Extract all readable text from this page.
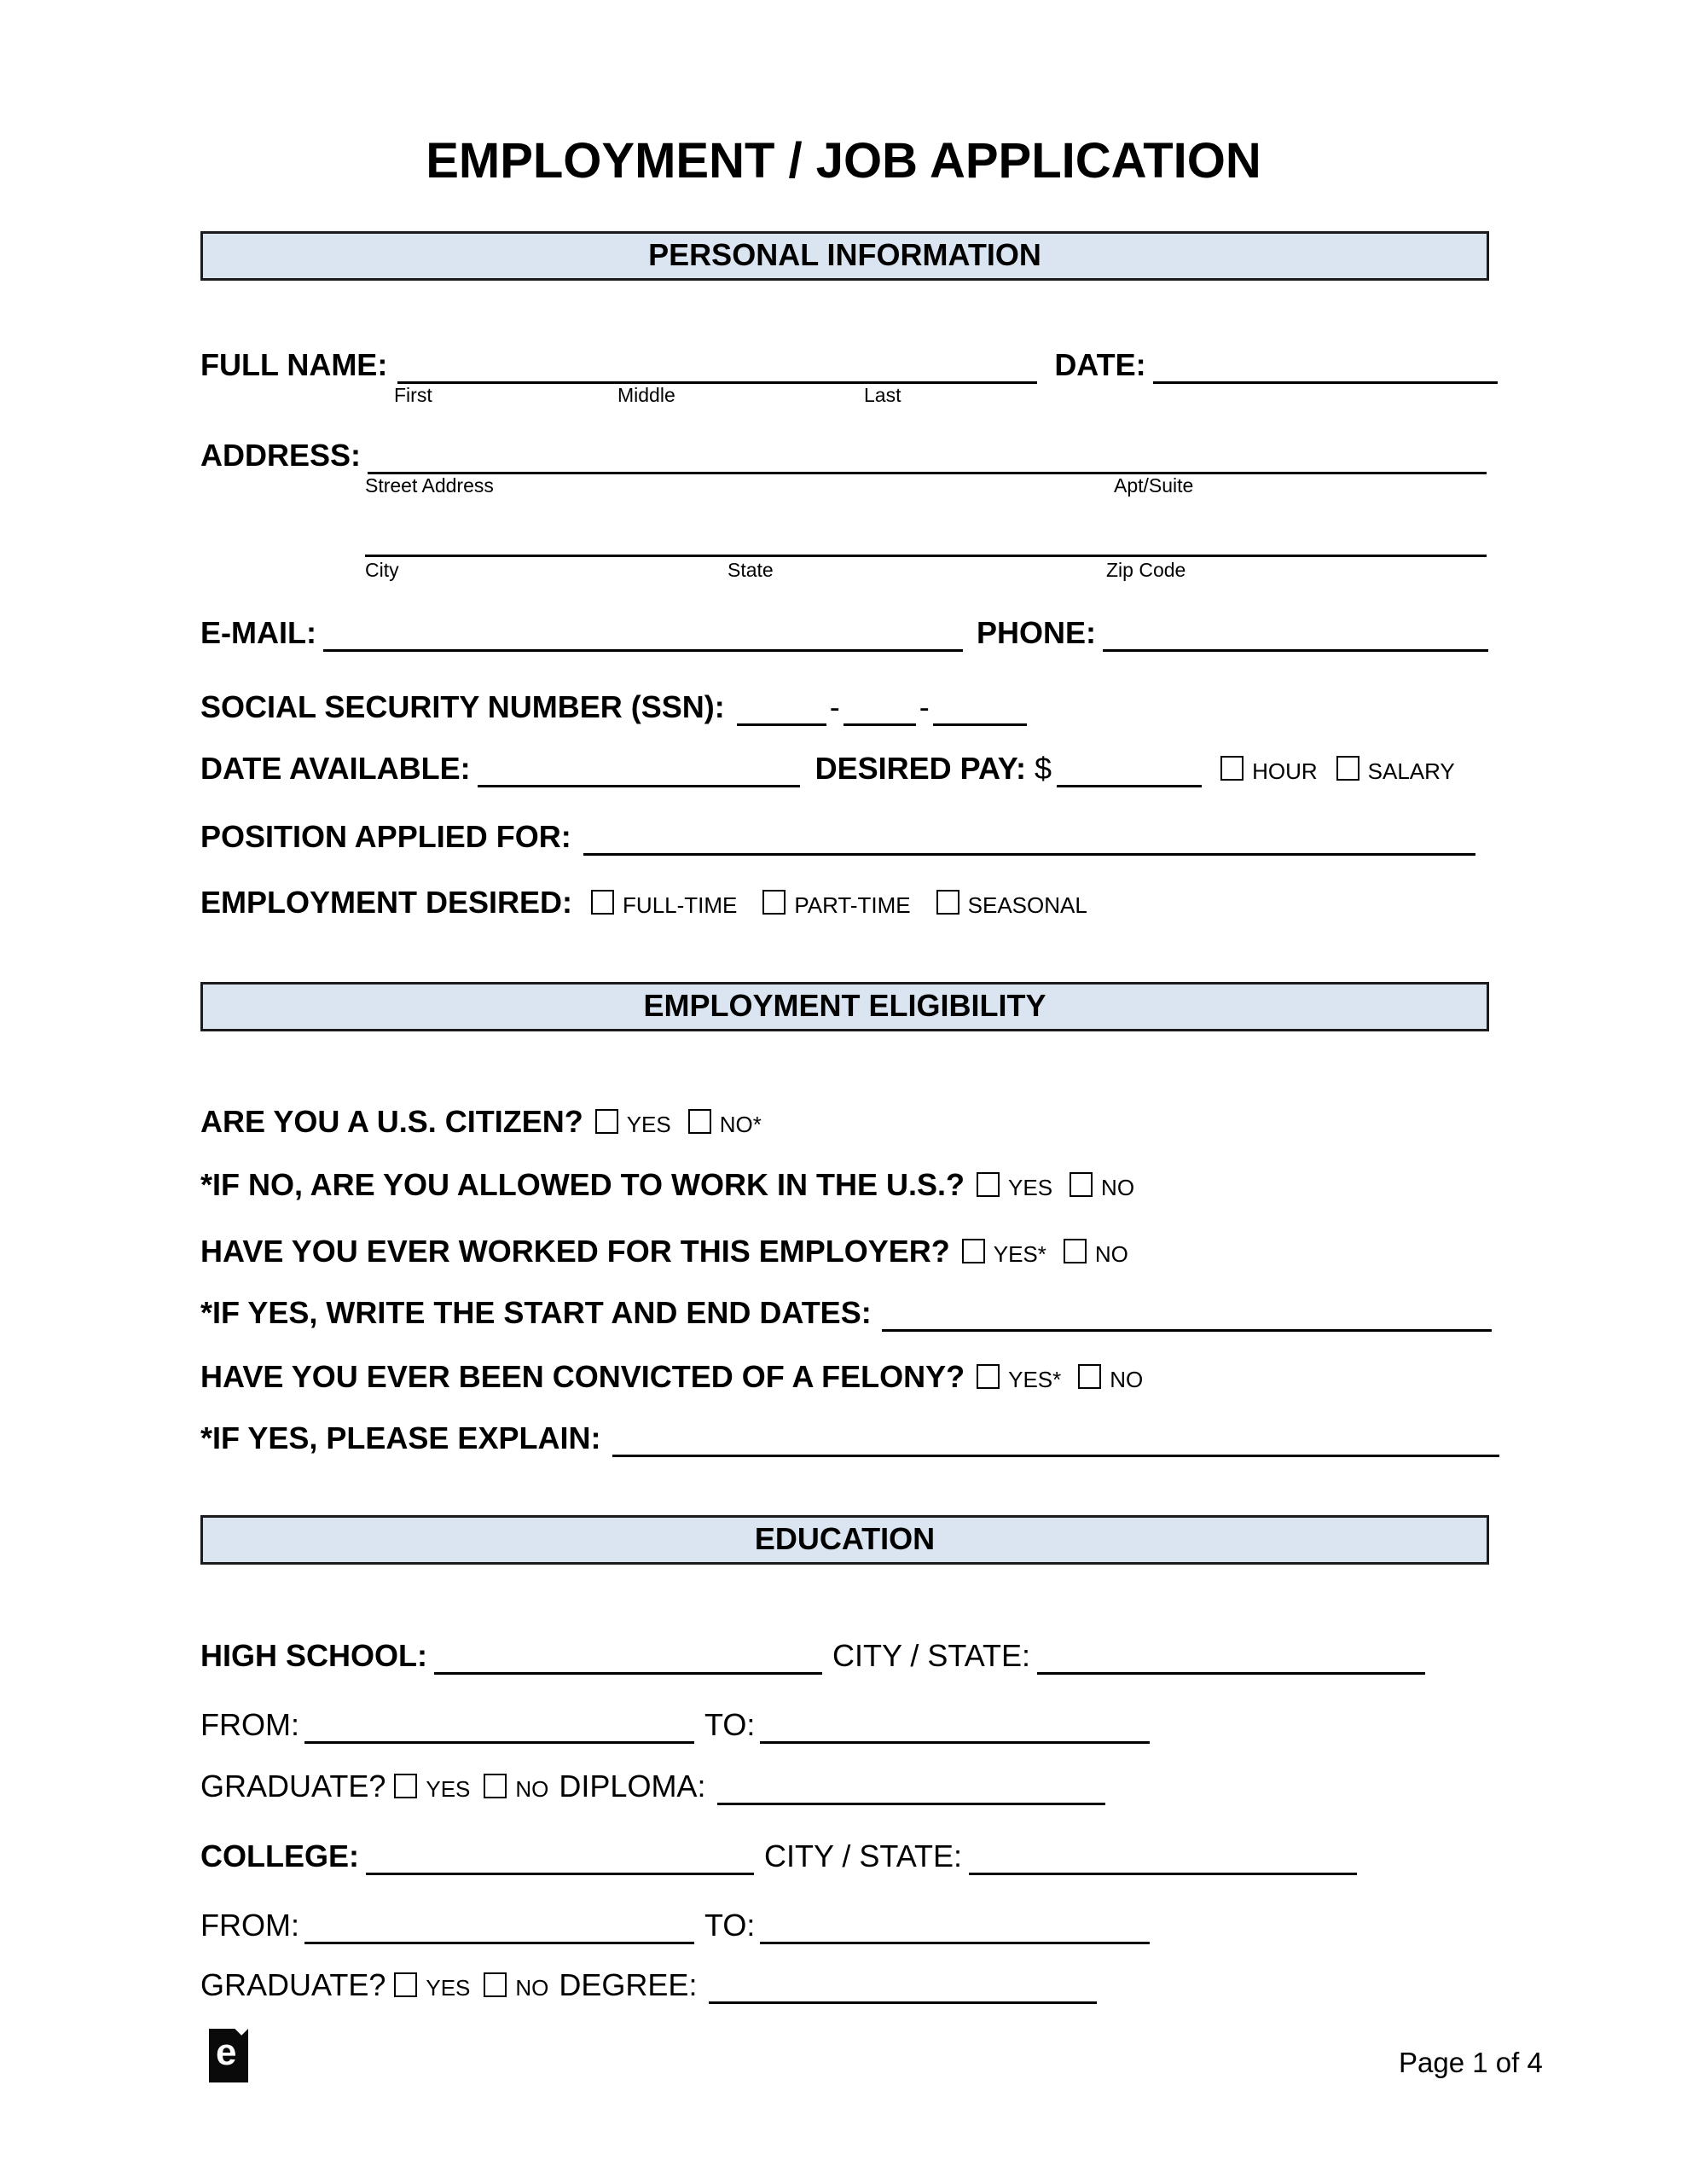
EMPLOYMENT / JOB APPLICATION
PERSONAL INFORMATION
FULL NAME:	DATE:
First	Middle	Last
ADDRESS:
Street Address	Apt/Suite
City	State	Zip Code
E-MAIL:	PHONE:
SOCIAL SECURITY NUMBER (SSN):	-	-
DATE AVAILABLE:	DESIRED PAY: $	HOUR SALARY
POSITION APPLIED FOR:
EMPLOYMENT DESIRED: FULL-TIME	PART-TIME	SEASONAL
EMPLOYMENT ELIGIBILITY
ARE YOU A U.S. CITIZEN? YES NO*
*IF NO, ARE YOU ALLOWED TO WORK IN THE U.S.? YES NO
HAVE YOU EVER WORKED FOR THIS EMPLOYER? YES* NO
*IF YES, WRITE THE START AND END DATES:
HAVE YOU EVER BEEN CONVICTED OF A FELONY? YES* NO
*IF YES, PLEASE EXPLAIN:
EDUCATION
HIGH SCHOOL:	CITY / STATE:
FROM:	TO:
GRADUATE? YES NO DIPLOMA:
COLLEGE:	CITY / STATE:
FROM:	TO:
GRADUATE? YES NO DEGREE:
e	Page 1 of 4
